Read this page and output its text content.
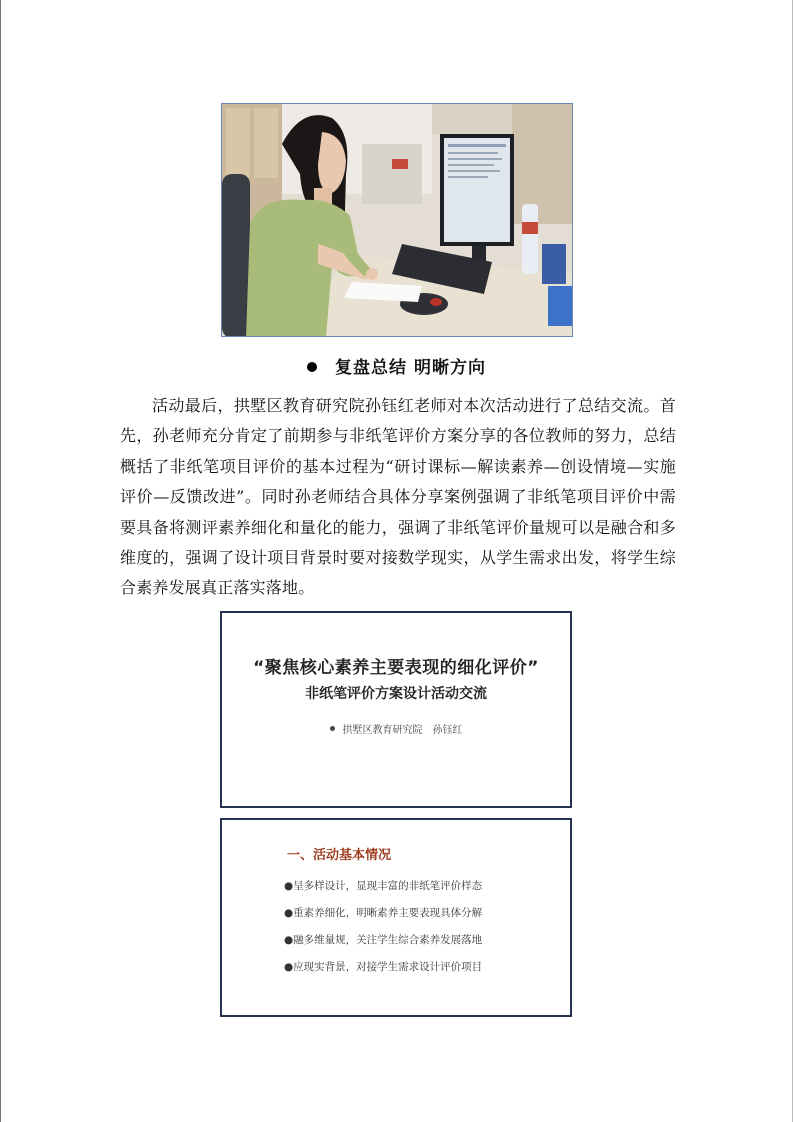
复盘总结 明晰方向

活动最后，拱墅区教育研究院孙钰红老师对本次活动进行了总结交流。首先，孙老师充分肯定了前期参与非纸笔评价方案分享的各位教师的努力，总结概括了非纸笔项目评价的基本过程为“研讨课标—解读素养—创设情境—实施评价—反馈改进”。同时孙老师结合具体分享案例强调了非纸笔项目评价中需要具备将测评素养细化和量化的能力，强调了非纸笔评价量规可以是融合和多维度的，强调了设计项目背景时要对接数学现实，从学生需求出发，将学生综合素养发展真正落实落地。

“聚焦核心素养主要表现的细化评价”
非纸笔评价方案设计活动交流
拱墅区教育研究院 孙钰红
一、活动基本情况
●呈多样设计，显现丰富的非纸笔评价样态
●重素养细化，明晰素养主要表现具体分解
●融多维量规，关注学生综合素养发展落地
●应现实背景，对接学生需求设计评价项目
